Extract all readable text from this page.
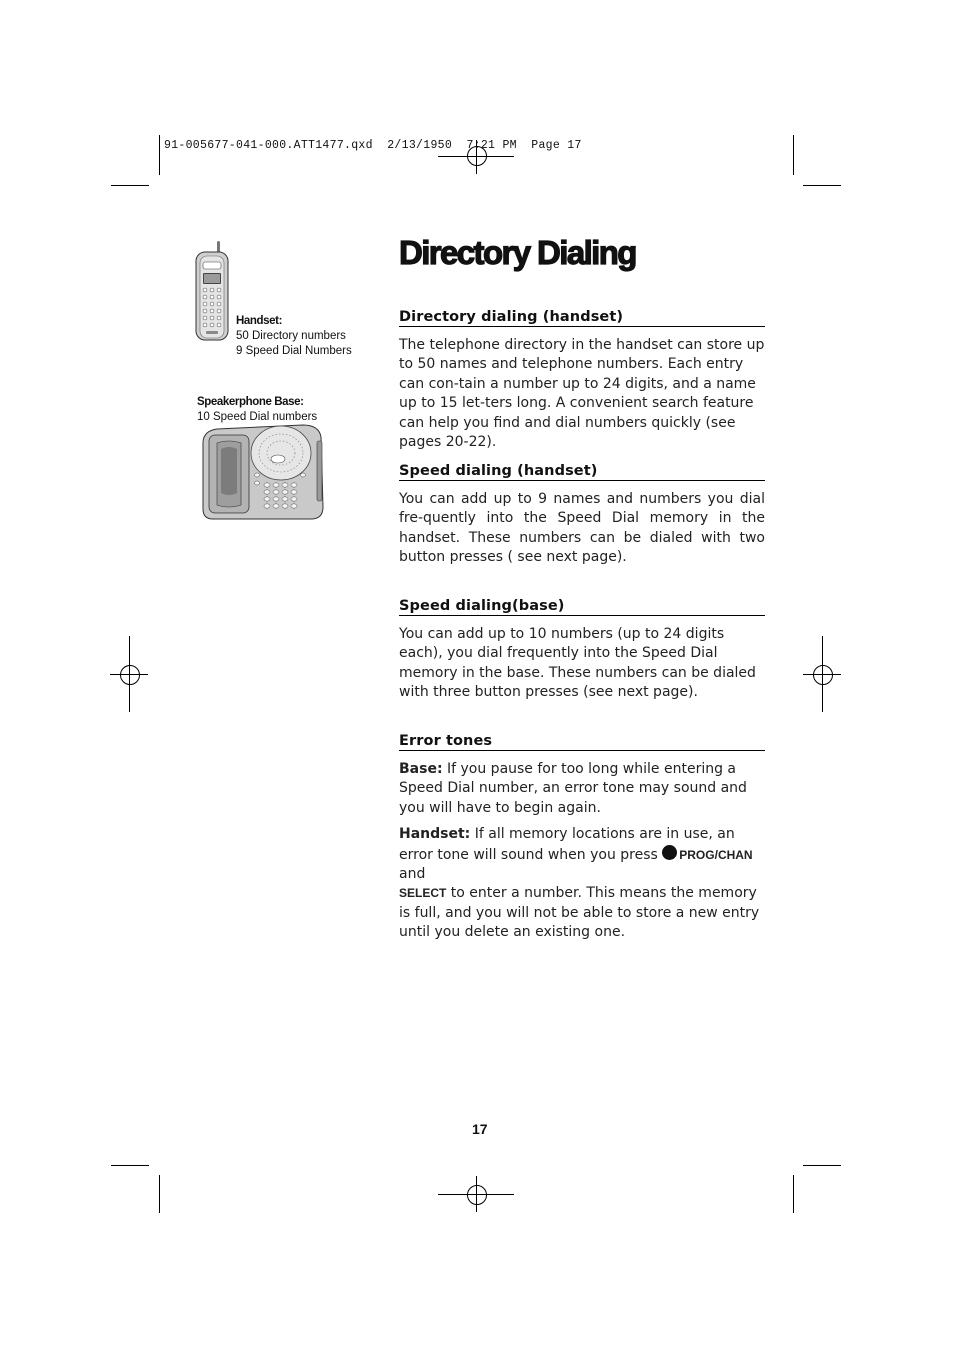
91-005677-041-000.ATT1477.qxd  2/13/1950  7:21 PM  Page 17
Handset:
50 Directory numbers
9 Speed Dial Numbers
Speakerphone Base:
10 Speed Dial numbers
Directory Dialing
Directory dialing (handset)

The telephone directory in the handset can store up to 50 names and telephone numbers. Each entry can con-tain a number up to 24 digits, and a name up to 15 let-ters long. A convenient search feature can help you find and dial numbers quickly (see pages 20-22).

Speed dialing (handset)

You can add up to 9 names and numbers you dial fre-quently into the Speed Dial memory in the handset. These numbers can be dialed with two button presses ( see next page).

Speed dialing(base)

You can add up to 10 numbers (up to 24 digits each), you dial frequently into the Speed Dial memory in the base. These numbers can be dialed with three button presses (see next page).

Error tones

Base: If you pause for too long while entering a Speed Dial number, an error tone may sound and you will have to begin again.

Handset: If all memory locations are in use, an error tone will sound when you press PROG/CHAN and
SELECT to enter a number. This means the memory is full, and you will not be able to store a new entry until you delete an existing one.

17
